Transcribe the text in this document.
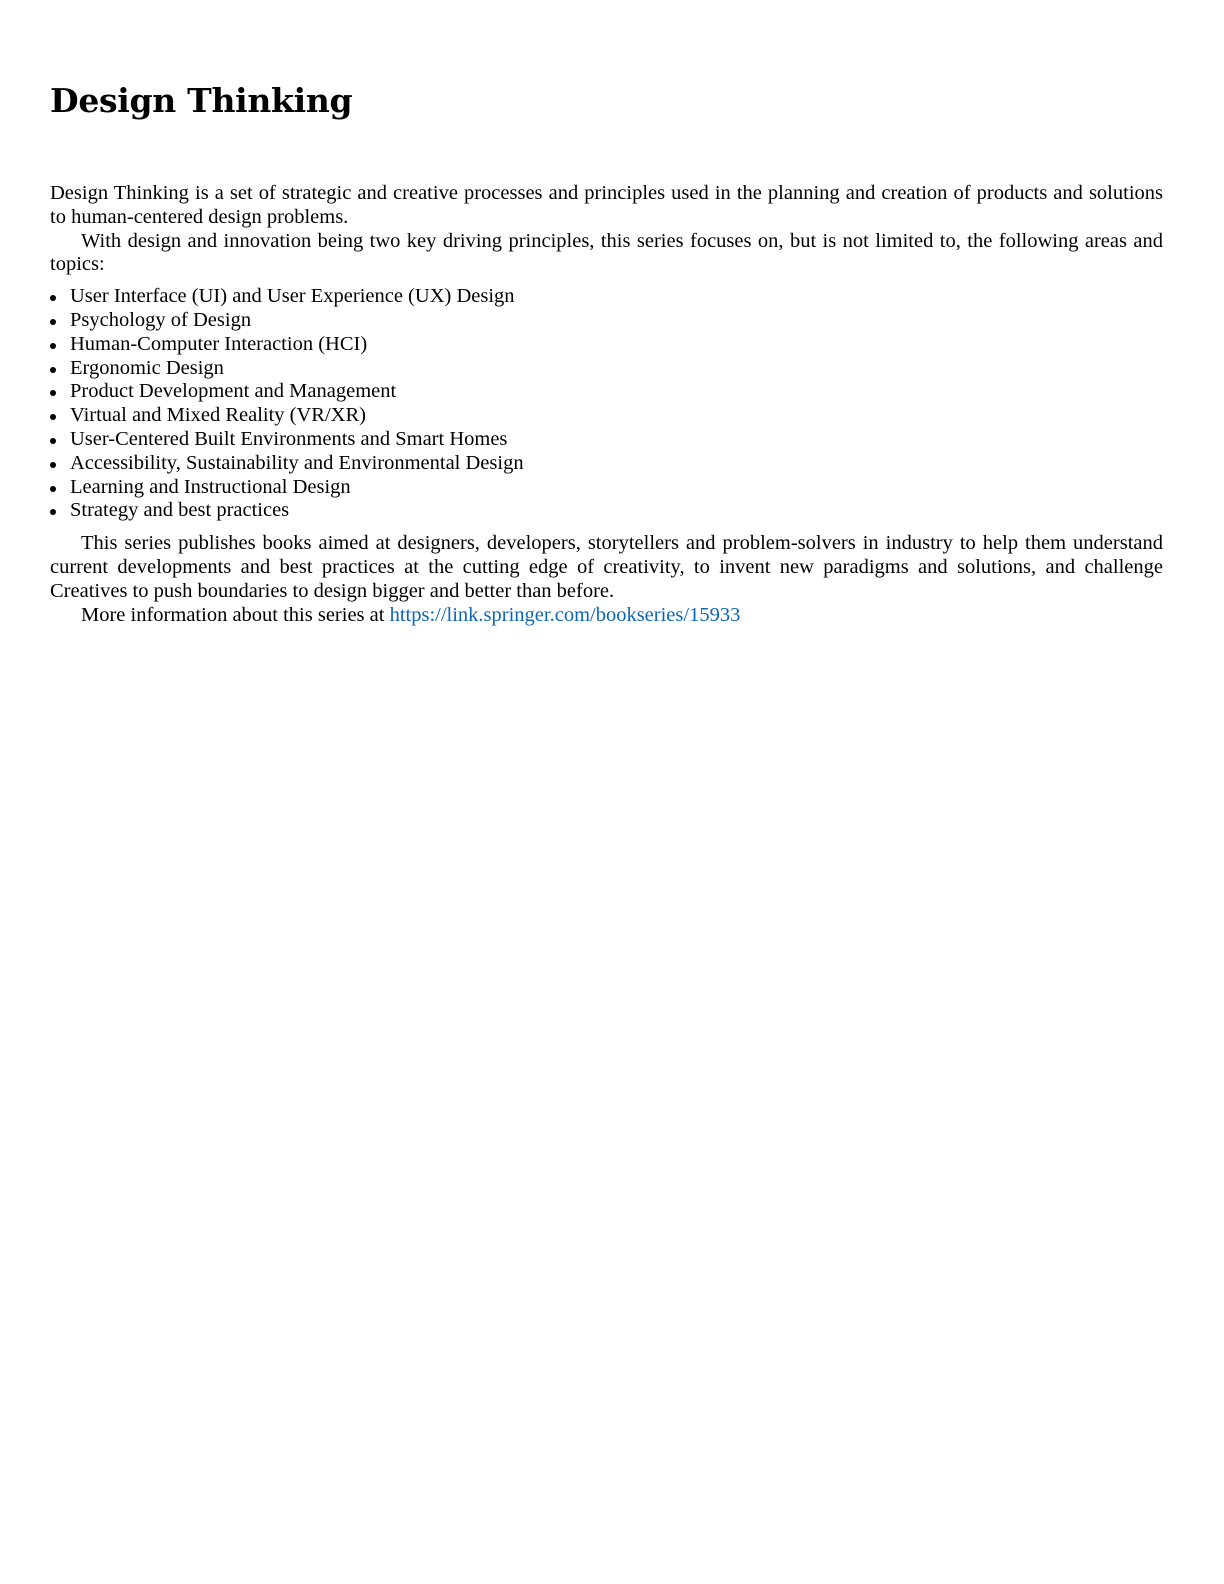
Design Thinking

Design Thinking is a set of strategic and creative processes and principles used in the planning and creation of products and solutions to human-centered design problems.

With design and innovation being two key driving principles, this series focuses on, but is not limited to, the following areas and topics:

User Interface (UI) and User Experience (UX) Design
Psychology of Design
Human-Computer Interaction (HCI)
Ergonomic Design
Product Development and Management
Virtual and Mixed Reality (VR/XR)
User-Centered Built Environments and Smart Homes
Accessibility, Sustainability and Environmental Design
Learning and Instructional Design
Strategy and best practices

This series publishes books aimed at designers, developers, storytellers and problem-solvers in industry to help them understand current developments and best practices at the cutting edge of creativity, to invent new paradigms and solutions, and challenge Creatives to push boundaries to design bigger and better than before.

More information about this series at https://link.springer.com/bookseries/15933
